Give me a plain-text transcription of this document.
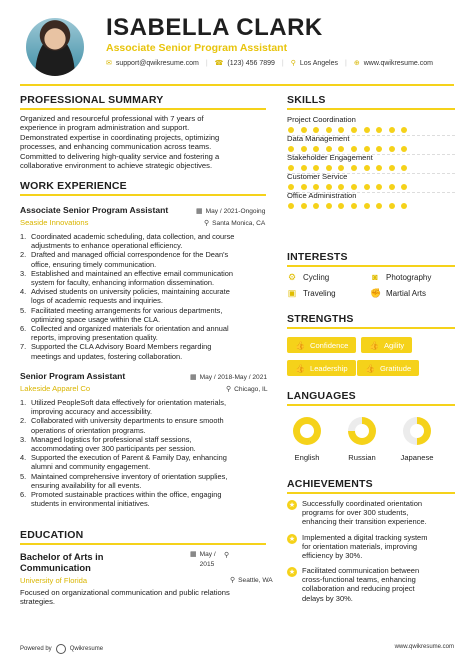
ISABELLA CLARK
Associate Senior Program Assistant
✉ support@qwikresume.com | ☎ (123) 456 7899 | ⚲ Los Angeles | ⊕ www.qwikresume.com
PROFESSIONAL SUMMARY
Organized and resourceful professional with 7 years of
experience in program administration and support.
Demonstrated expertise in coordinating projects, optimizing
processes, and enhancing communication across teams.
Committed to delivering high-quality service and fostering a
collaborative environment to achieve strategic objectives.
WORK EXPERIENCE
Associate Senior Program Assistant
Seaside Innovations
▦ May / 2021-Ongoing
⚲ Santa Monica, CA
1. Coordinated academic scheduling, data collection, and course
adjustments to enhance operational efficiency.
2. Drafted and managed official correspondence for the Dean's
office, ensuring timely communication.
3. Established and maintained an effective email communication
system for faculty, enhancing information dissemination.
4. Advised students on university policies, maintaining accurate
logs of academic requests and inquiries.
5. Facilitated meeting arrangements for various departments,
optimizing space usage within the CLA.
6. Collected and organized materials for orientation and annual
reports, improving presentation quality.
7. Supported the CLA Advisory Board Members regarding
meetings and updates, fostering collaboration.
Senior Program Assistant
Lakeside Apparel Co
▦ May / 2018-May / 2021
⚲ Chicago, IL
1. Utilized PeopleSoft data effectively for orientation materials,
improving accuracy and accessibility.
2. Collaborated with university departments to ensure smooth
operations of orientation programs.
3. Managed logistics for professional staff sessions,
accommodating over 300 participants per session.
4. Supported the execution of Parent & Family Day, enhancing
alumni and community engagement.
5. Maintained comprehensive inventory of orientation supplies,
ensuring availability for all events.
6. Promoted sustainable practices within the office, engaging
students in environmental initiatives.
EDUCATION
Bachelor of Arts in
Communication
University of Florida
▦ May /
2015
⚲
⚲ Seattle, WA
Focused on organizational communication and public relations
strategies.
SKILLS
Project Coordination
Data Management
Stakeholder Engagement
Customer Service
Office Administration
INTERESTS
⚙ Cycling	◙ Photography
▣ Traveling	✊ Martial Arts
STRENGTHS
👍 Confidence	👍 Agility
👍 Leadership 👍 Gratitude
LANGUAGES
English	Russian	Japanese
ACHIEVEMENTS
★ Successfully coordinated orientation
programs for over 300 students,
enhancing their transition experience.
★ Implemented a digital tracking system
for orientation materials, improving
efficiency by 30%.
★ Facilitated communication between
cross-functional teams, enhancing
collaboration and reducing project
delays by 30%.
Powered by	Qwikresume	www.qwikresume.com
